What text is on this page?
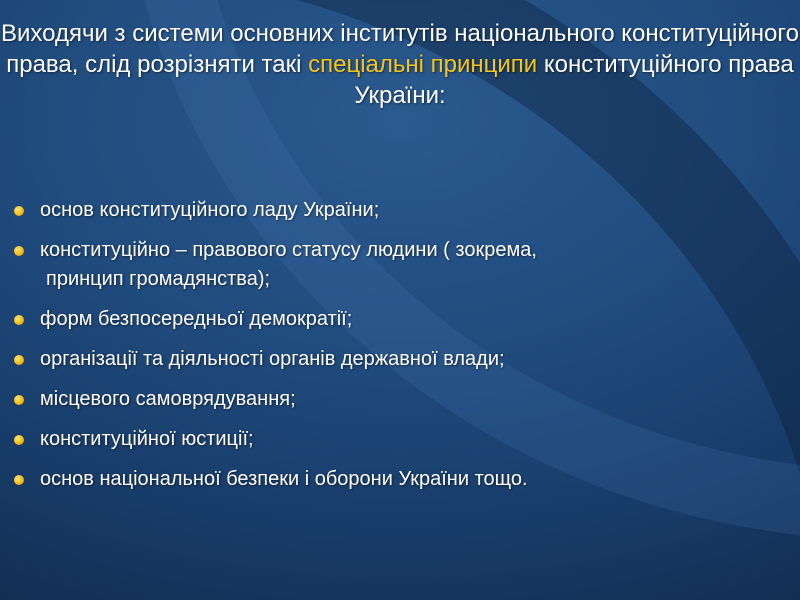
Виходячи з системи основних інститутів національного конституційного права, слід розрізняти такі спеціальні принципи конституційного права України:
основ конституційного ладу України;
конституційно – правового статусу людини ( зокрема,
принцип громадянства);
форм безпосередньої демократії;
організації та діяльності органів державної влади;
місцевого самоврядування;
конституційної юстиції;
основ національної безпеки і оборони України тощо.
